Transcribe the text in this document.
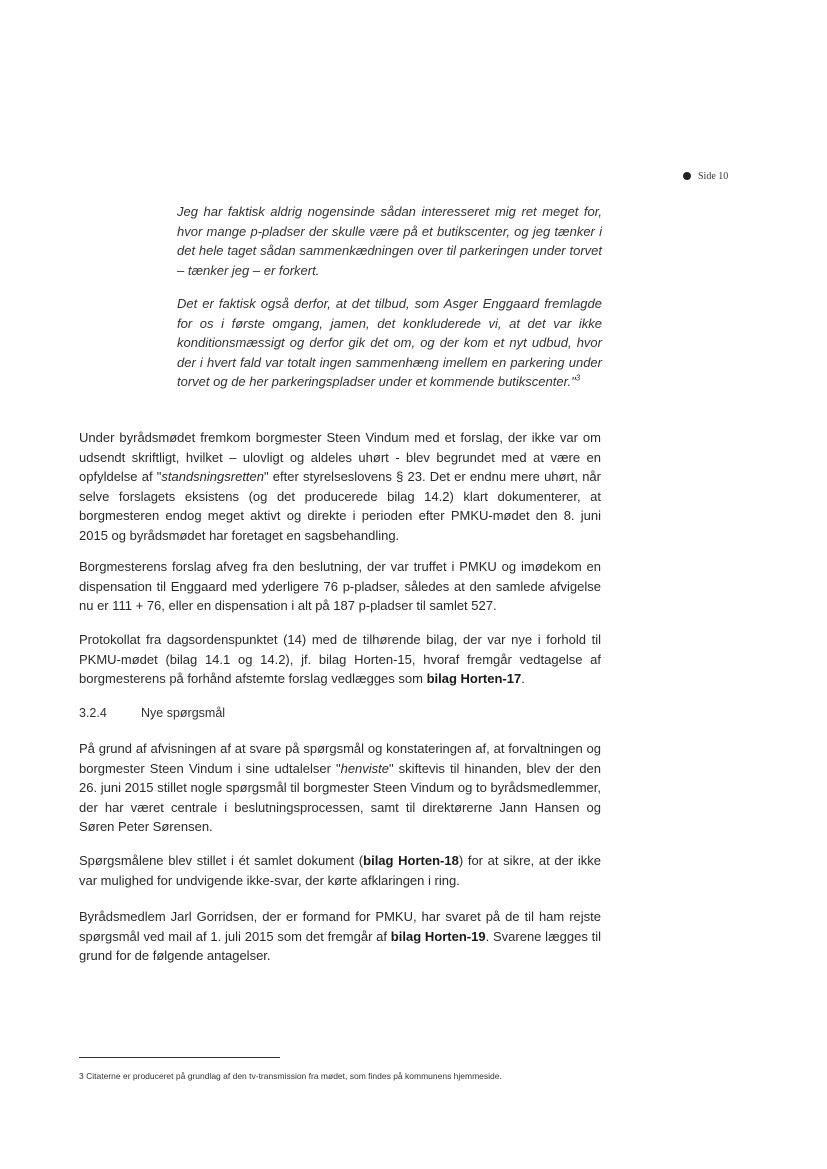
Side 10

Jeg har faktisk aldrig nogensinde sådan interesseret mig ret meget for, hvor mange p-pladser der skulle være på et butikscenter, og jeg tænker i det hele taget sådan sammenkædningen over til parkeringen under torvet – tænker jeg – er forkert.

Det er faktisk også derfor, at det tilbud, som Asger Enggaard fremlagde for os i første omgang, jamen, det konkluderede vi, at det var ikke konditionsmæssigt og derfor gik det om, og der kom et nyt udbud, hvor der i hvert fald var totalt ingen sammenhæng imellem en parkering under torvet og de her parkeringspladser under et kommende butikscenter."$^3$

Under byrådsmødet fremkom borgmester Steen Vindum med et forslag, der ikke var om udsendt skriftligt, hvilket – ulovligt og aldeles uhørt - blev begrundet med at være en opfyldelse af "standsningsretten" efter styrelseslovens § 23. Det er endnu mere uhørt, når selve forslagets eksistens (og det producerede bilag 14.2) klart dokumenterer, at borgmesteren endog meget aktivt og direkte i perioden efter PMKU-mødet den 8. juni 2015 og byrådsmødet har foretaget en sagsbehandling.

Borgmesterens forslag afveg fra den beslutning, der var truffet i PMKU og imødekom en dispensation til Enggaard med yderligere 76 p-pladser, således at den samlede afvigelse nu er 111 + 76, eller en dispensation i alt på 187 p-pladser til samlet 527.

Protokollat fra dagsordenspunktet (14) med de tilhørende bilag, der var nye i forhold til PKMU-mødet (bilag 14.1 og 14.2), jf. bilag Horten-15, hvoraf fremgår vedtagelse af borgmesterens på forhånd afstemte forslag vedlægges som bilag Horten-17.

3.2.4	Nye spørgsmål

På grund af afvisningen af at svare på spørgsmål og konstateringen af, at forvaltningen og borgmester Steen Vindum i sine udtalelser "henviste" skiftevis til hinanden, blev der den 26. juni 2015 stillet nogle spørgsmål til borgmester Steen Vindum og to byrådsmedlemmer, der har været centrale i beslutningsprocessen, samt til direktørerne Jann Hansen og Søren Peter Sørensen.

Spørgsmålene blev stillet i ét samlet dokument (bilag Horten-18) for at sikre, at der ikke var mulighed for undvigende ikke-svar, der kørte afklaringen i ring.

Byrådsmedlem Jarl Gorridsen, der er formand for PMKU, har svaret på de til ham rejste spørgsmål ved mail af 1. juli 2015 som det fremgår af bilag Horten-19. Svarene lægges til grund for de følgende antagelser.

3 Citaterne er produceret på grundlag af den tv-transmission fra mødet, som findes på kommunens hjemmeside.
